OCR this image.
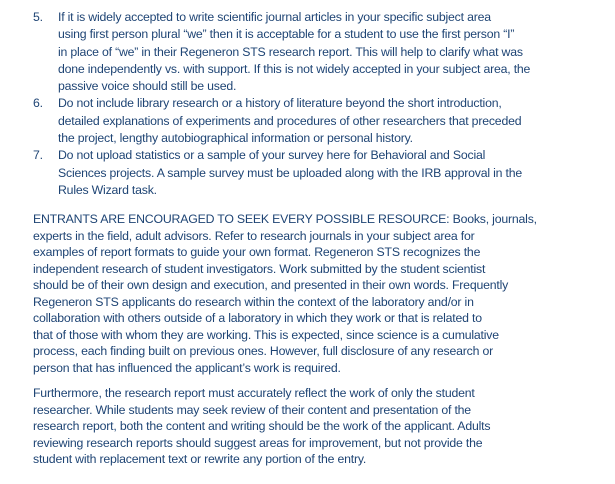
5.	If it is widely accepted to write scientific journal articles in your specific subject area
using first person plural “we” then it is acceptable for a student to use the first person “I”
in place of “we” in their Regeneron STS research report. This will help to clarify what was
done independently vs. with support. If this is not widely accepted in your subject area, the
passive voice should still be used.
6.	Do not include library research or a history of literature beyond the short introduction,
detailed explanations of experiments and procedures of other researchers that preceded
the project, lengthy autobiographical information or personal history.
7.	Do not upload statistics or a sample of your survey here for Behavioral and Social
Sciences projects. A sample survey must be uploaded along with the IRB approval in the
Rules Wizard task.
ENTRANTS ARE ENCOURAGED TO SEEK EVERY POSSIBLE RESOURCE: Books, journals,
experts in the field, adult advisors. Refer to research journals in your subject area for
examples of report formats to guide your own format. Regeneron STS recognizes the
independent research of student investigators. Work submitted by the student scientist
should be of their own design and execution, and presented in their own words. Frequently
Regeneron STS applicants do research within the context of the laboratory and/or in
collaboration with others outside of a laboratory in which they work or that is related to
that of those with whom they are working. This is expected, since science is a cumulative
process, each finding built on previous ones. However, full disclosure of any research or
person that has influenced the applicant’s work is required.
Furthermore, the research report must accurately reflect the work of only the student
researcher. While students may seek review of their content and presentation of the
research report, both the content and writing should be the work of the applicant. Adults
reviewing research reports should suggest areas for improvement, but not provide the
student with replacement text or rewrite any portion of the entry.
